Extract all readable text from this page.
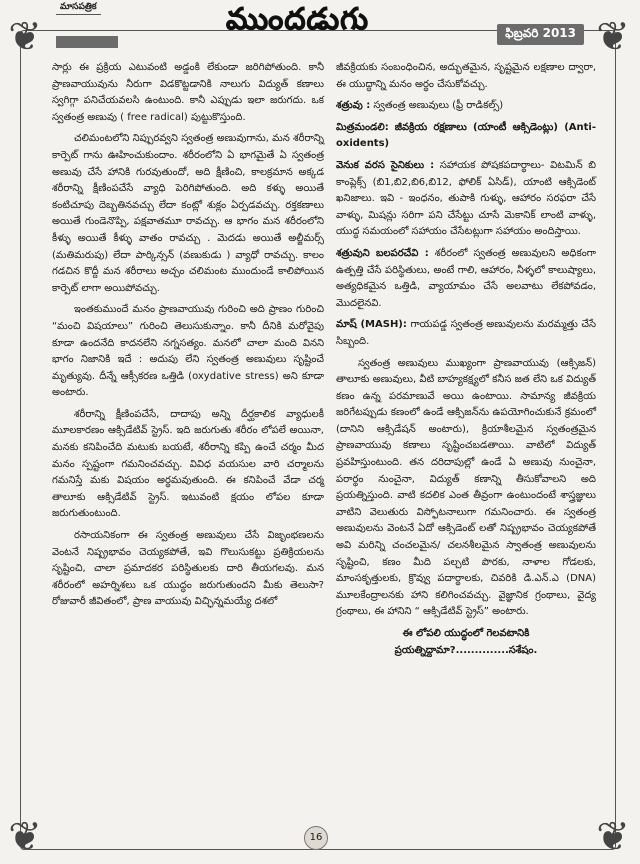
❦	❦
❦	❦
మాసపత్రిక	ముందడుగు	ఫిబ్రవరి 2013

సార్లు ఈ ప్రక్రియ ఎటువంటి అడ్డంకి లేకుండా జరిగిపోతుంది. కానీ ప్రాణవాయువును నీరుగా విడకొట్టడానికి నాలుగు విద్యుత్ కణాలు స్వగిగ్గా పనిచేయవలసి ఉంటుంది. కానీ ఎప్పుడు ఇలా జరుగదు. ఒక స్వతంత్ర అణువు ( free radical) పుట్టుకొస్తుంది.

చలిమంటలోని నిప్పురవ్వని స్వతంత్ర అణువుగాను, మన శరీరాన్ని కార్పెట్ గాను ఊహించుకుందాం. శరీరంలోని ఏ భాగమైతే ఏ స్వతంత్ర అణువు చేసే హానికి గురవుతుందో, అది క్షీణించి, కాలక్రమాన అక్కడ శరీరాన్ని క్షీణింపచేసే వ్యాధి పెరిగిపోతుంది. అది కళ్ళు అయితే కంటిచూపు దెబ్బతినవచ్చు లేదా కంట్లో శుక్లం ఏర్పడవచ్చు. రక్తకణాలు అయితే గుండెనొప్పి, పక్షవాతమూ రావచ్చు. ఆ భాగం మన శరీరంలోని కీళ్ళు అయితే కీళ్ళు వాతం రావచ్చు . మెదడు అయితే అల్జీమర్స్ (మతిమరుపు) లేదా పార్కిన్సన్ (వణుకుడు ) వ్యాధో రావచ్చు. కాలం గడచిన కొద్దీ మన శరీరాలు అచ్చం చలిమంట ముందుండే కాలిపోయిన కార్పెట్ లాగా అయిపోవచ్చు.

ఇంతకుముందే మనం ప్రాణవాయువు గురించి అది ప్రాణం గురించి “మంచి విషయాలు” గురించి తెలుసుకున్నాం. కానీ దీనికి మరోవైపు కూడా ఉందనేది కాదనలేని నగ్నసత్యం. మనలో చాలా మంది వినని భాగం నిజానికి ఇదే : అదుపు లేని స్వతంత్ర అణువులు సృష్టించే మృత్యువు. దీన్నే ఆక్సీకరణ ఒత్తిడి (oxydative stress) అని కూడా అంటారు.

శరీరాన్ని క్షీణింపచేసే, దాదాపు అన్ని దీర్ఘకాలిక వ్యాధులకీ మూలకారణం ఆక్సిడేటివ్ స్ట్రెస్. ఇది జరుగుతు శరీరం లోపలే అయినా, మనకు కనిపించేది మటుకు బయటే, శరీరాన్ని కప్పి ఉంచే చర్మం మీద మనం స్పష్టంగా గమనించవచ్చు. వివిధ వయసుల వారి చర్మాలను గమనిస్తే మకు విషయం అర్థమవుతుంది. ఈ కనిపించే వేడా చర్మ తాలూకు ఆక్సిడేటివ్ స్ట్రెస్. ఇటువంటి క్షయం లోపల కూడా జరుగుతుంటుంది.

రసాయనికంగా ఈ స్వతంత్ర అణువులు చేసే విజృంభణలను వెంటనే నిష్ప్రభావం చెయ్యకపోతే, ఇవి గొలుసుకట్టు ప్రతిక్రియలను సృష్టించి, చాలా ప్రమాదకర పరిస్థితులకు దారి తీయగలవు. మన శరీరంలో అహర్నిశలు ఒక యుద్ధం జరుగుతుందని మీకు తెలుసా? రోజువారీ జీవితంలో, ప్రాణ వాయువు విచ్ఛిన్నమయ్యే దశలో

జీవక్రియకు సంబంధించిన, అద్భుతమైన, సృష్టమైన లక్షణాల ద్వారా, ఈ యుద్ధాన్ని మనం అర్థం చేసుకోవచ్చు.

శత్రువు : స్వతంత్ర అణువులు (ఫ్రీ రాడికల్స్)

మిత్రమండలి: జీవక్రియ రక్షణాలు (యాంటీ ఆక్సిడెంట్లు) (Anti-oxidents)

వెనుక వరస సైనికులు : సహాయక పోషకపదార్థాలు- విటమిన్ బి కాంప్లెక్స్ (బి1,బి2,బి6,బి12, ఫోలిక్ ఏసిడ్), యాంటి ఆక్సిడెంట్ ఖనిజాలు. ఇవి - ఇంధనం, తుపాకి గుళ్ళు, ఆహారం సరఫరా చేసే వాళ్ళు, మిషన్లు సరిగా పని చేసేట్టు చూసే మెకానిక్ లాంటి వాళ్ళు, యుద్ధ సమయంలో సహాయం చేసేటట్లుగా సహాయం అందిస్తాయి.

శత్రువుని బలపరచేవి : శరీరంలో స్వతంత్ర అణువులని అధికంగా ఉత్పత్తి చేసే పరిస్థితులు, అంటే గాలి, ఆహారం, నీళ్ళలో కాలుష్యాలు, అత్యధికమైన ఒత్తిడి, వ్యాయామం చేసే అలవాటు లేకపోవడం, మొదలైనవి.

మాష్ (MASH): గాయపడ్డ స్వతంత్ర అణువులను మరమ్మత్తు చేసే సిబ్బంది.

స్వతంత్ర అణువులు ముఖ్యంగా ప్రాణవాయువు (ఆక్సిజన్) తాలూకు అణువులు, వీటి బాహ్యకక్ష్యలో కనీస జత లేని ఒక విద్యుత్ కణం ఉన్న పరమాణువే అయి ఉంటాయి. సామాన్య జీవక్రియ జరిగేటప్పుడు కణంలో ఉండే ఆక్సిజన్‌ను ఉపయోగించుకునే క్రమంలో (దానిని ఆక్సిడేషన్ అంటారు), క్రియాశీలమైన స్వతంత్రమైన ప్రాణవాయువు కణాలు సృష్టించబడతాయి. వాటిలో విద్యుత్ ప్రవహిస్తుంటుంది. తన దరిదాపుల్లో ఉండే ఏ అణువు నుంచైనా, పరార్థం నుంచైనా, విద్యుత్ కణాన్ని తీసుకోవాలని అది ప్రయత్నిస్తుంది. వాటి కదలిక ఎంత తీవ్రంగా ఉంటుందంటే శాస్త్రజ్ఞులు వాటిని వెలుతురు విస్ఫోటనాలుగా గమనించారు. ఈ స్వతంత్ర అణువులను వెంటనే ఏదో ఆక్సిడెంట్ లతో నిష్ప్రభావం చెయ్యకపోతే అవి మరిన్ని చంచలమైన/ చలనశీలమైన స్వాతంత్ర అణువులను సృష్టించి, కణం మీది పల్చటి పొరకు, నాళాల గోడలకు, మాంసకృత్తులకు, క్రొవ్వు పదార్థాలకు, చివరికి డి.ఎన్.ఎ (DNA) మూలకేంద్రాలనకు హాని కలిగించవచ్చు. వైజ్ఞానిక గ్రంథాలు, వైద్య గ్రంథాలు, ఈ హానిని “ ఆక్సిడేటివ్ స్ట్రెస్” అంటారు.

ఈ లోపలి యుద్ధంలో గెలవటానికి ప్రయత్నిద్దామా?..............సశేషం.

16
